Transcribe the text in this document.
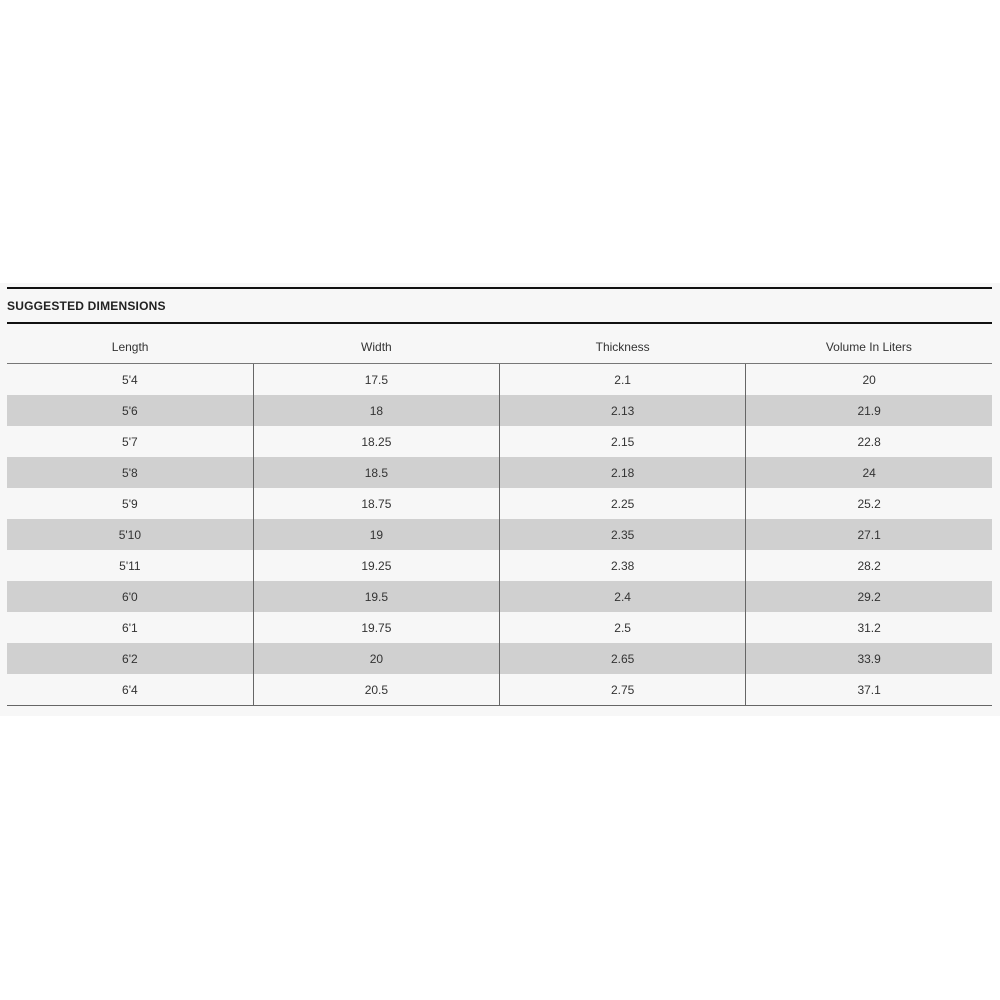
SUGGESTED DIMENSIONS
Length	Width	Thickness	Volume In Liters
5'4	17.5	2.1	20
5'6	18	2.13	21.9
5'7	18.25	2.15	22.8
5'8	18.5	2.18	24
5'9	18.75	2.25	25.2
5'10	19	2.35	27.1
5'11	19.25	2.38	28.2
6'0	19.5	2.4	29.2
6'1	19.75	2.5	31.2
6'2	20	2.65	33.9
6'4	20.5	2.75	37.1
